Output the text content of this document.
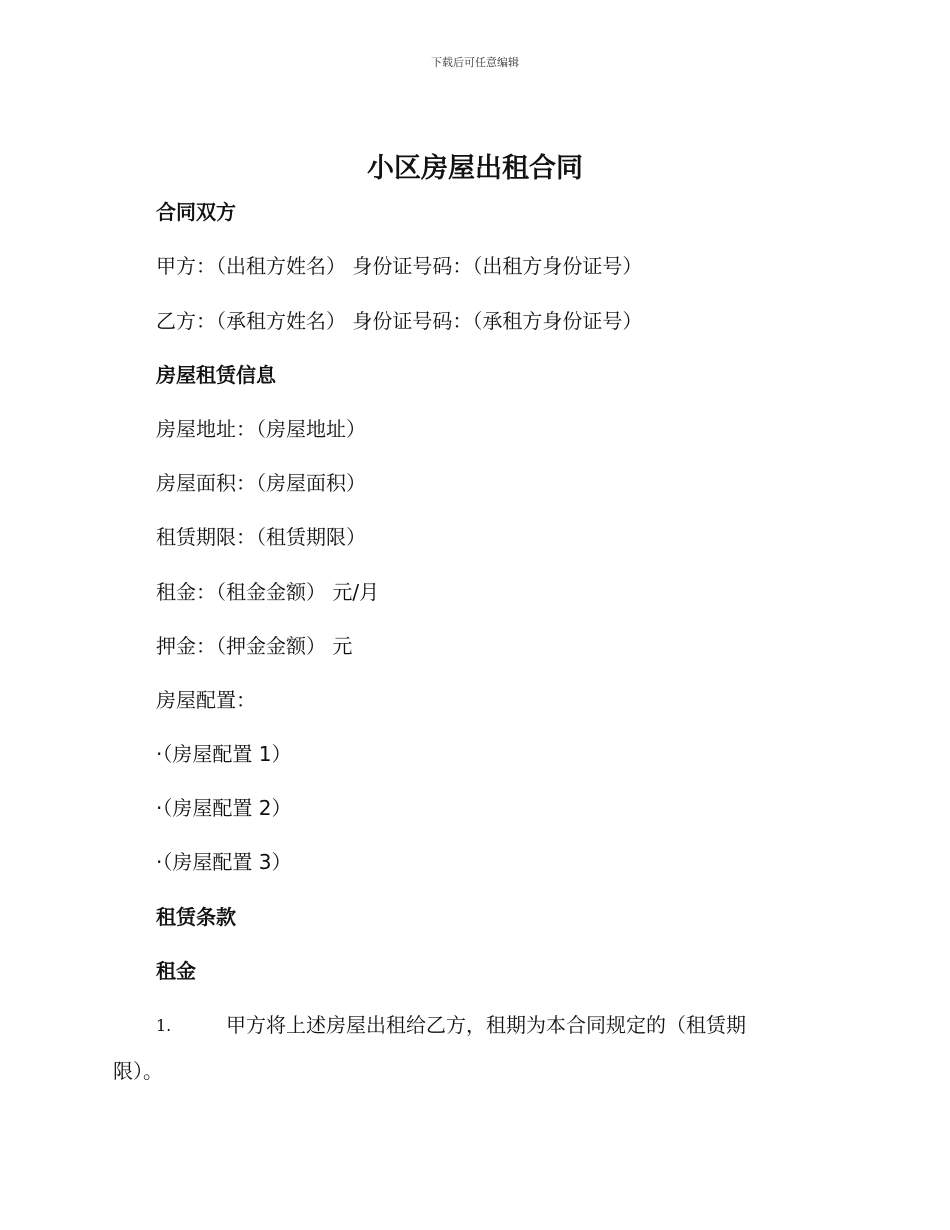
下载后可任意编辑
小区房屋出租合同
合同双方
甲方：（出租方姓名） 身份证号码：（出租方身份证号）
乙方：（承租方姓名） 身份证号码：（承租方身份证号）
房屋租赁信息
房屋地址：（房屋地址）
房屋面积：（房屋面积）
租赁期限：（租赁期限）
租金：（租金金额） 元/月
押金：（押金金额） 元
房屋配置：
·（房屋配置 1）
·（房屋配置 2）
·（房屋配置 3）
租赁条款
租金
1.	甲方将上述房屋出租给乙方，租期为本合同规定的（租赁期
限）。
